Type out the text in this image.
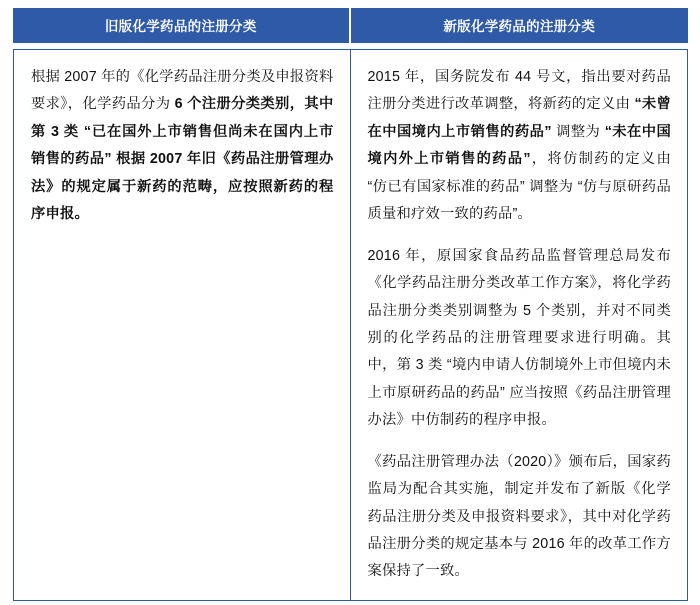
旧版化学药品的注册分类	新版化学药品的注册分类

根据 2007 年的《化学药品注册分类及申报资料要求》，化学药品分为 6 个注册分类类别，其中第 3 类 “已在国外上市销售但尚未在国内上市销售的药品” 根据 2007 年旧《药品注册管理办法》的规定属于新药的范畴，应按照新药的程序申报。	2015 年，国务院发布 44 号文，指出要对药品注册分类进行改革调整，将新药的定义由 “未曾在中国境内上市销售的药品” 调整为 “未在中国境内外上市销售的药品”，将仿制药的定义由 “仿已有国家标准的药品” 调整为 “仿与原研药品质量和疗效一致的药品”。

2016 年，原国家食品药品监督管理总局发布《化学药品注册分类改革工作方案》，将化学药品注册分类类别调整为 5 个类别，并对不同类别的化学药品的注册管理要求进行明确。其中，第 3 类 “境内申请人仿制境外上市但境内未上市原研药品的药品” 应当按照《药品注册管理办法》中仿制药的程序申报。

《药品注册管理办法（2020）》颁布后，国家药监局为配合其实施，制定并发布了新版《化学药品注册分类及申报资料要求》，其中对化学药品注册分类的规定基本与 2016 年的改革工作方案保持了一致。
